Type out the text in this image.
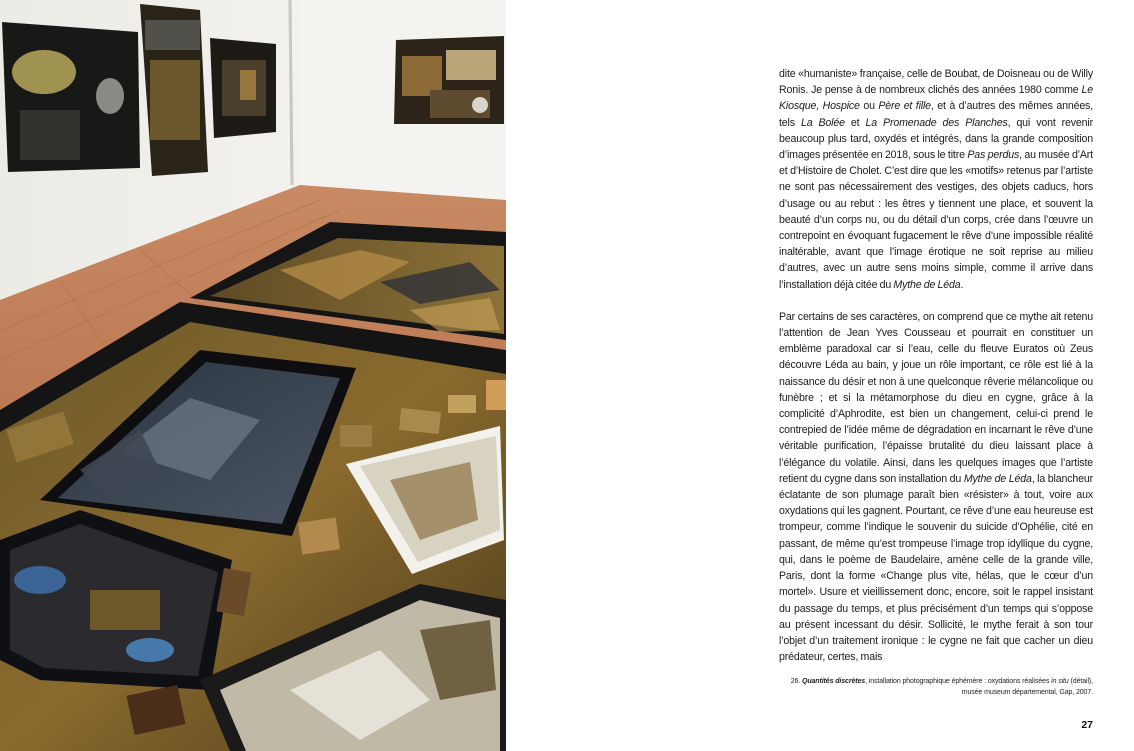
dite «humaniste» française, celle de Boubat, de Doisneau ou de Willy Ronis. Je pense à de nombreux clichés des années 1980 comme Le Kiosque, Hospice ou Père et fille, et à d’autres des mêmes années, tels La Bolée et La Promenade des Planches, qui vont revenir beaucoup plus tard, oxydés et intégrés, dans la grande composition d’images présentée en 2018, sous le titre Pas perdus, au musée d’Art et d’Histoire de Cholet. C’est dire que les «motifs» retenus par l’artiste ne sont pas nécessairement des vestiges, des objets caducs, hors d’usage ou au rebut : les êtres y tiennent une place, et souvent la beauté d’un corps nu, ou du détail d’un corps, crée dans l’œuvre un contrepoint en évoquant fugacement le rêve d’une impossible réalité inaltérable, avant que l’image érotique ne soit reprise au milieu d’autres, avec un autre sens moins simple, comme il arrive dans l’installation déjà citée du Mythe de Léda.

Par certains de ses caractères, on comprend que ce mythe ait retenu l’attention de Jean Yves Cousseau et pourrait en constituer un emblème paradoxal car si l’eau, celle du fleuve Euratos où Zeus découvre Léda au bain, y joue un rôle important, ce rôle est lié à la naissance du désir et non à une quelconque rêverie mélancolique ou funèbre ; et si la métamorphose du dieu en cygne, grâce à la complicité d’Aphrodite, est bien un changement, celui-ci prend le contrepied de l’idée même de dégradation en incarnant le rêve d’une véritable purification, l’épaisse brutalité du dieu laissant place à l’élégance du volatile. Ainsi, dans les quelques images que l’artiste retient du cygne dans son installation du Mythe de Léda, la blancheur éclatante de son plumage paraît bien «résister» à tout, voire aux oxydations qui les gagnent. Pourtant, ce rêve d’une eau heureuse est trompeur, comme l’indique le souvenir du suicide d’Ophélie, cité en passant, de même qu’est trompeuse l’image trop idyllique du cygne, qui, dans le poème de Baudelaire, amène celle de la grande ville, Paris, dont la forme «Change plus vite, hélas, que le cœur d’un mortel». Usure et vieillissement donc, encore, soit le rappel insistant du passage du temps, et plus précisément d’un temps qui s’oppose au présent incessant du désir. Sollicité, le mythe ferait à son tour l’objet d’un traitement ironique : le cygne ne fait que cacher un dieu prédateur, certes, mais

26. Quantités discrètes, installation photographique éphémère : oxydations réalisées in situ (détail),
musée museum départemental, Gap, 2007.
27
